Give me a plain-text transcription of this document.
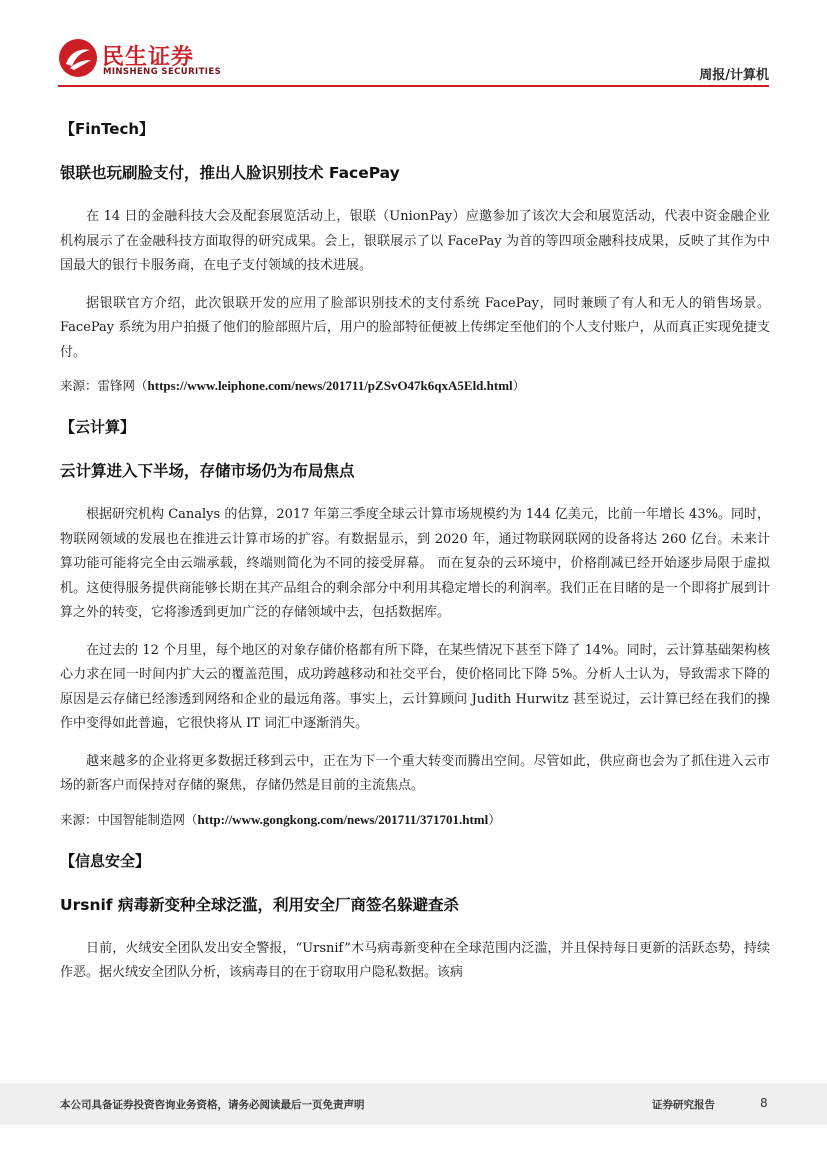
民生证券
MINSHENG SECURITIES	周报/计算机
【FinTech】
银联也玩刷脸支付，推出人脸识别技术 FacePay

在 14 日的金融科技大会及配套展览活动上，银联（UnionPay）应邀参加了该次大会和展览活动，代表中资金融企业机构展示了在金融科技方面取得的研究成果。会上，银联展示了以 FacePay 为首的等四项金融科技成果，反映了其作为中国最大的银行卡服务商，在电子支付领域的技术进展。

据银联官方介绍，此次银联开发的应用了脸部识别技术的支付系统 FacePay，同时兼顾了有人和无人的销售场景。FacePay 系统为用户拍摄了他们的脸部照片后，用户的脸部特征便被上传绑定至他们的个人支付账户，从而真正实现免捷支付。

来源：雷锋网（https://www.leiphone.com/news/201711/pZSvO47k6qxA5Eld.html）
【云计算】
云计算进入下半场，存储市场仍为布局焦点

根据研究机构 Canalys 的估算，2017 年第三季度全球云计算市场规模约为 144 亿美元，比前一年增长 43%。同时，物联网领域的发展也在推进云计算市场的扩容。有数据显示，到 2020 年，通过物联网联网的设备将达 260 亿台。未来计算功能可能将完全由云端承载，终端则简化为不同的接受屏幕。 而在复杂的云环境中，价格削减已经开始逐步局限于虚拟机。这使得服务提供商能够长期在其产品组合的剩余部分中利用其稳定增长的利润率。我们正在目睹的是一个即将扩展到计算之外的转变，它将渗透到更加广泛的存储领域中去，包括数据库。

在过去的 12 个月里，每个地区的对象存储价格都有所下降，在某些情况下甚至下降了 14%。同时，云计算基础架构核心力求在同一时间内扩大云的覆盖范围，成功跨越移动和社交平台，使价格同比下降 5%。分析人士认为，导致需求下降的原因是云存储已经渗透到网络和企业的最远角落。事实上，云计算顾问 Judith Hurwitz 甚至说过，云计算已经在我们的操作中变得如此普遍，它很快将从 IT 词汇中逐渐消失。

越来越多的企业将更多数据迁移到云中，正在为下一个重大转变而腾出空间。尽管如此，供应商也会为了抓住进入云市场的新客户而保持对存储的聚焦，存储仍然是目前的主流焦点。

来源：中国智能制造网（http://www.gongkong.com/news/201711/371701.html）
【信息安全】
Ursnif 病毒新变种全球泛滥，利用安全厂商签名躲避查杀

日前，火绒安全团队发出安全警报，“Ursnif”木马病毒新变种在全球范围内泛滥，并且保持每日更新的活跃态势，持续作恶。据火绒安全团队分析，该病毒目的在于窃取用户隐私数据。该病

本公司具备证券投资咨询业务资格，请务必阅读最后一页免责声明	证券研究报告	8
